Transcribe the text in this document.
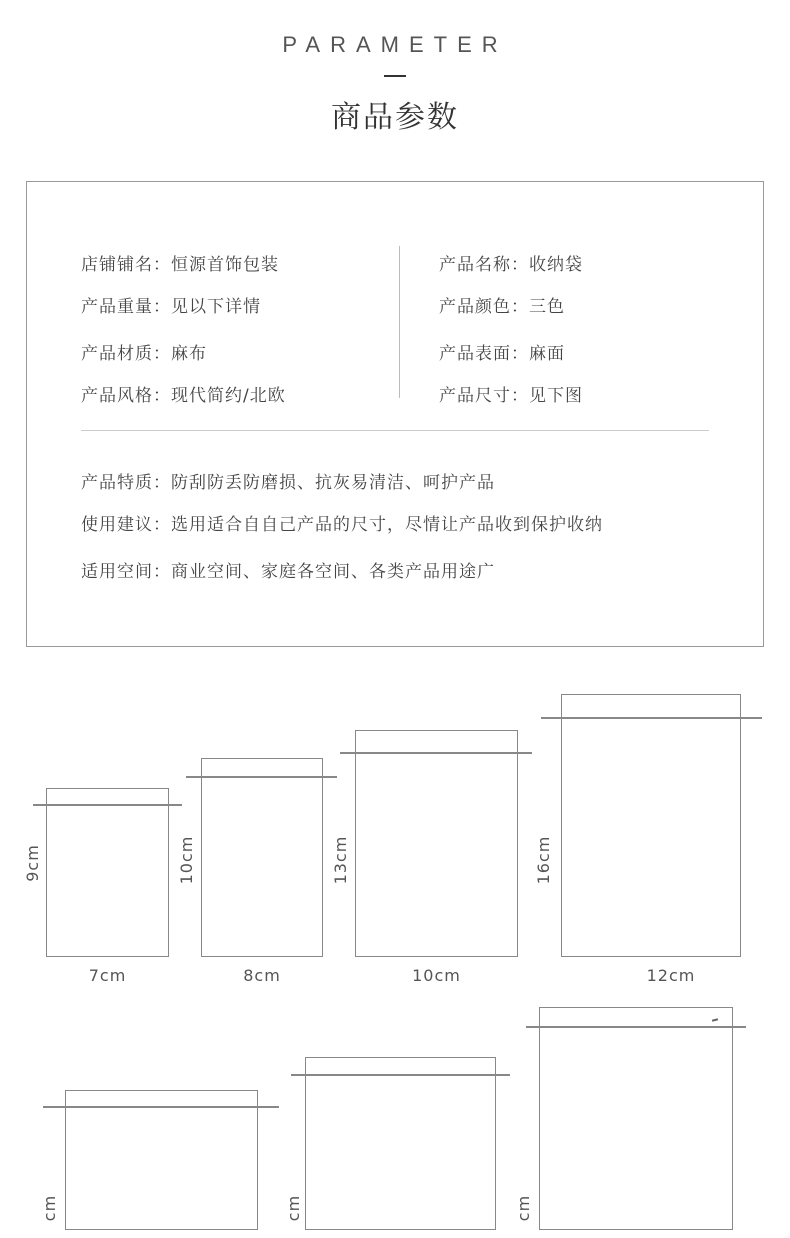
PARAMETER
商品参数
店铺铺名：恒源首饰包装
产品重量：见以下详情
产品材质：麻布
产品风格：现代简约/北欧
产品名称：收纳袋
产品颜色：三色
产品表面：麻面
产品尺寸：见下图
产品特质：防刮防丢防磨损、抗灰易清洁、呵护产品
使用建议：选用适合自自己产品的尺寸，尽情让产品收到保护收纳
适用空间：商业空间、家庭各空间、各类产品用途广
9cm
7cm
10cm
8cm
13cm
10cm
16cm
12cm
cm	cm	cm
